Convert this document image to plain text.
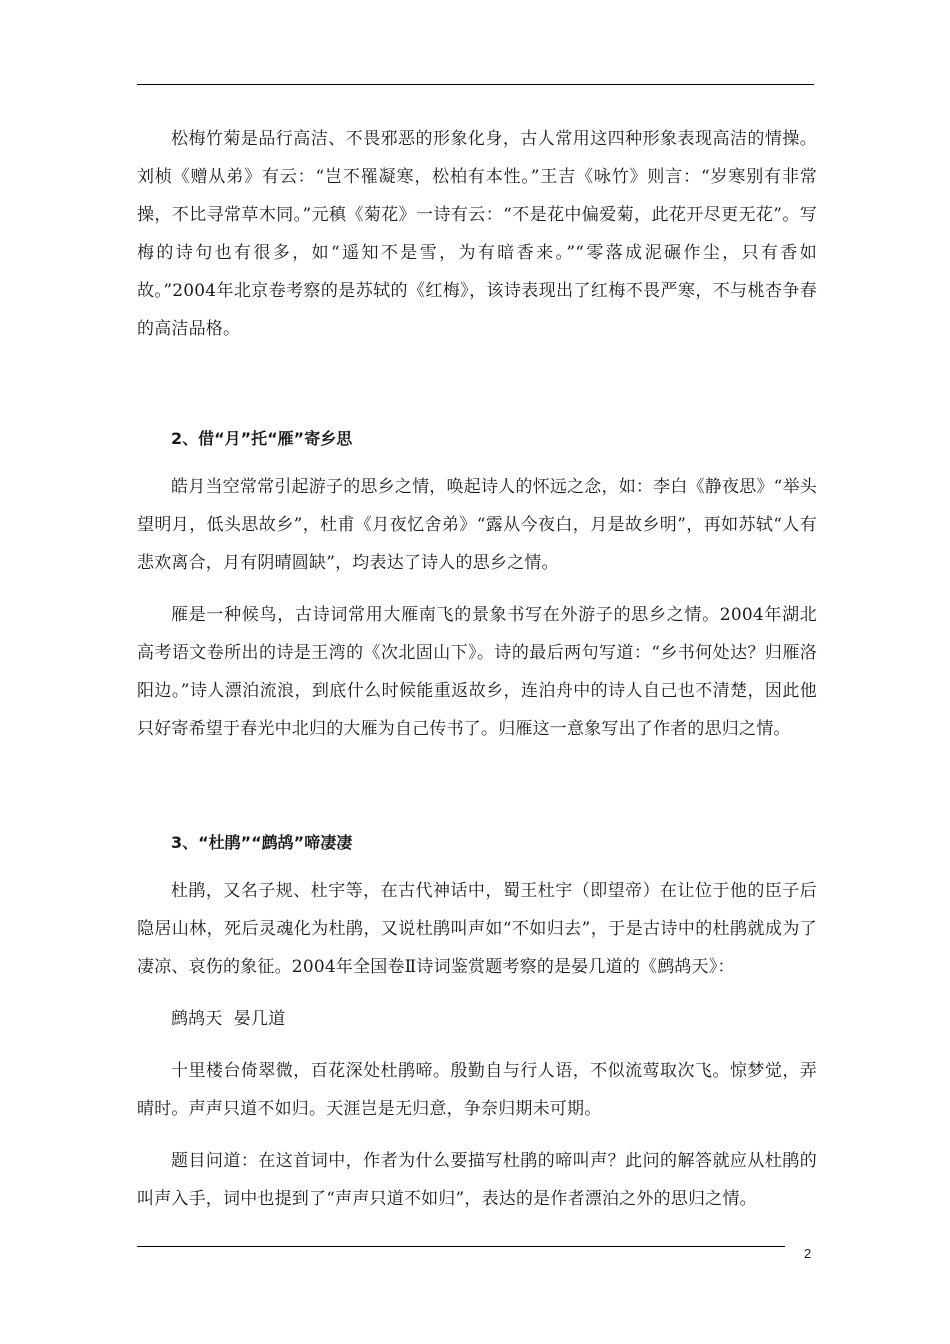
松梅竹菊是品行高洁、不畏邪恶的形象化身，古人常用这四种形象表现高洁的情操。刘桢《赠从弟》有云：“岂不罹凝寒，松柏有本性。”王吉《咏竹》则言：“岁寒别有非常操，不比寻常草木同。”元稹《菊花》一诗有云：“不是花中偏爱菊，此花开尽更无花”。写梅的诗句也有很多，如“遥知不是雪，为有暗香来。”“零落成泥碾作尘，只有香如故。”2004年北京卷考察的是苏轼的《红梅》，该诗表现出了红梅不畏严寒，不与桃杏争春的高洁品格。

2、借“月”托“雁”寄乡思

皓月当空常常引起游子的思乡之情，唤起诗人的怀远之念，如：李白《静夜思》“举头望明月，低头思故乡”，杜甫《月夜忆舍弟》“露从今夜白，月是故乡明”，再如苏轼“人有悲欢离合，月有阴晴圆缺”，均表达了诗人的思乡之情。

雁是一种候鸟，古诗词常用大雁南飞的景象书写在外游子的思乡之情。2004年湖北高考语文卷所出的诗是王湾的《次北固山下》。诗的最后两句写道：“乡书何处达？归雁洛阳边。”诗人漂泊流浪，到底什么时候能重返故乡，连泊舟中的诗人自己也不清楚，因此他只好寄希望于春光中北归的大雁为自己传书了。归雁这一意象写出了作者的思归之情。

3、“杜鹃”“鹧鸪”啼凄凄

杜鹃，又名子规、杜宇等，在古代神话中，蜀王杜宇（即望帝）在让位于他的臣子后隐居山林，死后灵魂化为杜鹃，又说杜鹃叫声如“不如归去”，于是古诗中的杜鹃就成为了凄凉、哀伤的象征。2004年全国卷Ⅱ诗词鉴赏题考察的是晏几道的《鹧鸪天》：

鹧鸪天  晏几道

十里楼台倚翠微，百花深处杜鹃啼。殷勤自与行人语，不似流莺取次飞。惊梦觉，弄晴时。声声只道不如归。天涯岂是无归意，争奈归期未可期。

题目问道：在这首词中，作者为什么要描写杜鹃的啼叫声？此问的解答就应从杜鹃的叫声入手，词中也提到了“声声只道不如归”，表达的是作者漂泊之外的思归之情。

2
